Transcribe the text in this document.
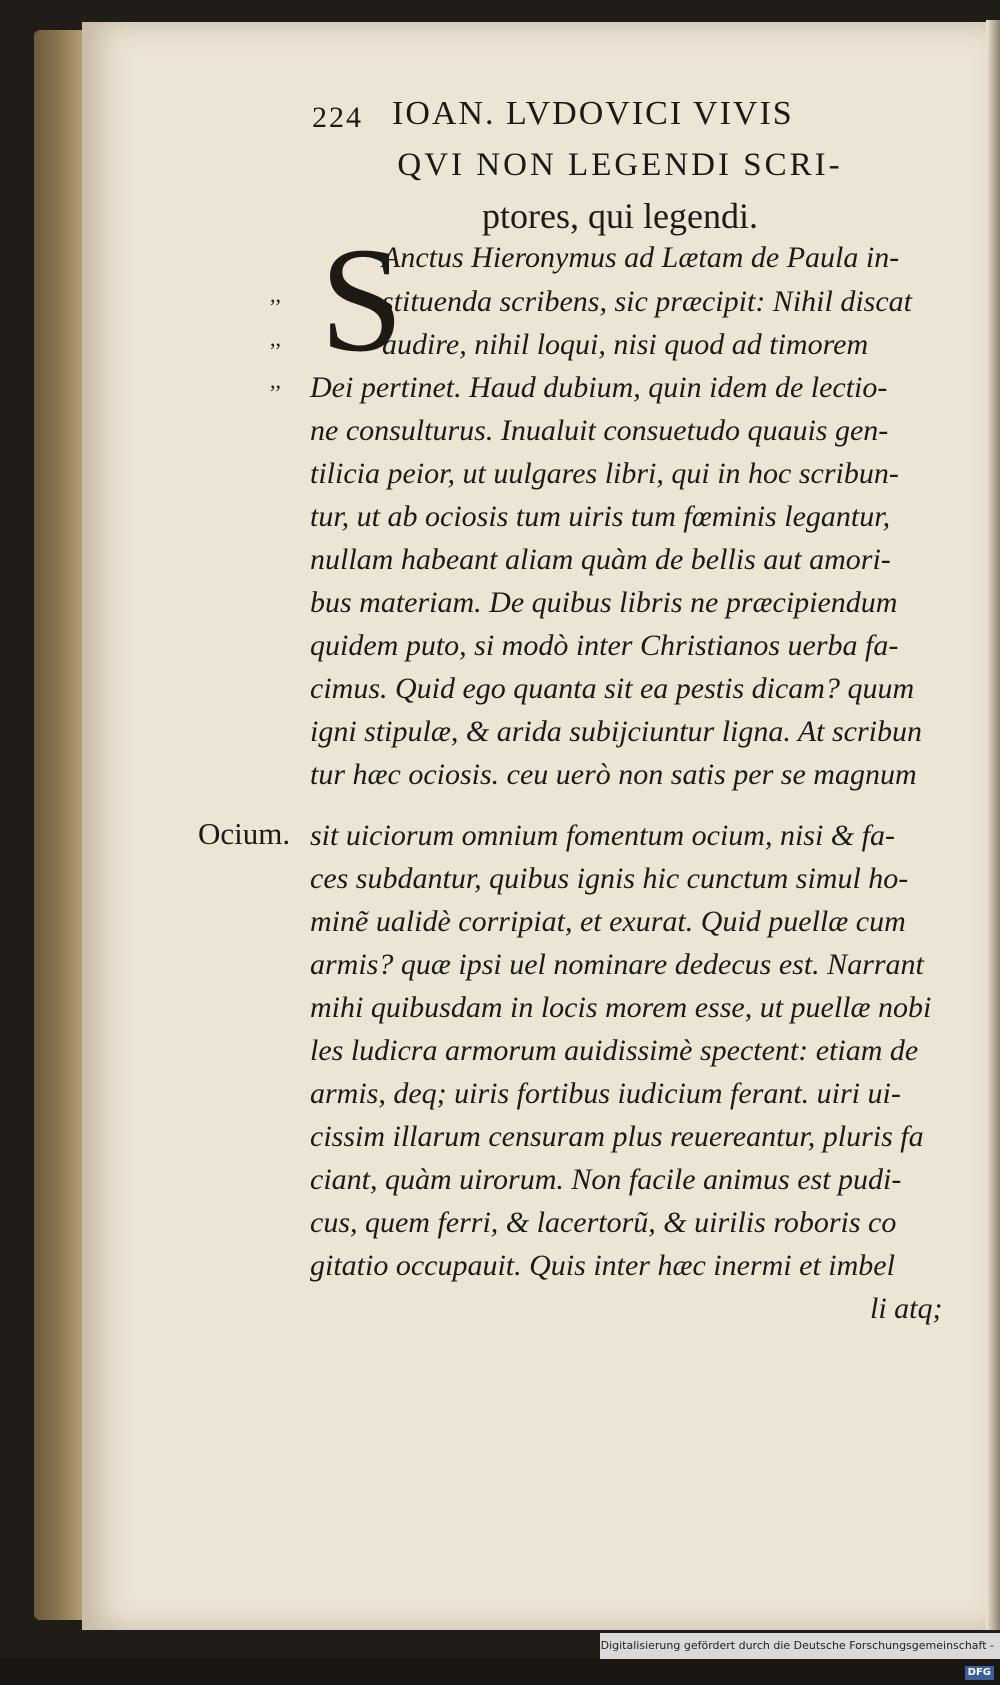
224 IOAN. LVDOVICI VIVIS
QVI NON LEGENDI SCRI-
ptores, qui legendi.
S
,,
,,
,,
Ocium.
Anctus Hieronymus ad Lætam de Paula in-
stituenda scribens, sic præcipit: Nihil discat
audire, nihil loqui, nisi quod ad timorem
Dei pertinet. Haud dubium, quin idem de lectio-
ne consulturus. Inualuit consuetudo quauis gen-
tilicia peior, ut uulgares libri, qui in hoc scribun-
tur, ut ab ociosis tum uiris tum fœminis legantur,
nullam habeant aliam quàm de bellis aut amori-
bus materiam. De quibus libris ne præcipiendum
quidem puto, si modò inter Christianos uerba fa-
cimus. Quid ego quanta sit ea pestis dicam? quum
igni stipulæ, & arida subijciuntur ligna. At scribun
tur hæc ociosis. ceu uerò non satis per se magnum
sit uiciorum omnium fomentum ocium, nisi & fa-
ces subdantur, quibus ignis hic cunctum simul ho-
minẽ ualidè corripiat, et exurat. Quid puellæ cum
armis? quæ ipsi uel nominare dedecus est. Narrant
mihi quibusdam in locis morem esse, ut puellæ nobi
les ludicra armorum auidissimè spectent: etiam de
armis, deq; uiris fortibus iudicium ferant. uiri ui-
cissim illarum censuram plus reuereantur, pluris fa
ciant, quàm uirorum. Non facile animus est pudi-
cus, quem ferri, & lacertorũ, & uirilis roboris co
gitatio occupauit. Quis inter hæc inermi et imbel
li atq;
Digitalisierung gefördert durch die Deutsche Forschungsgemeinschaft -DFG
